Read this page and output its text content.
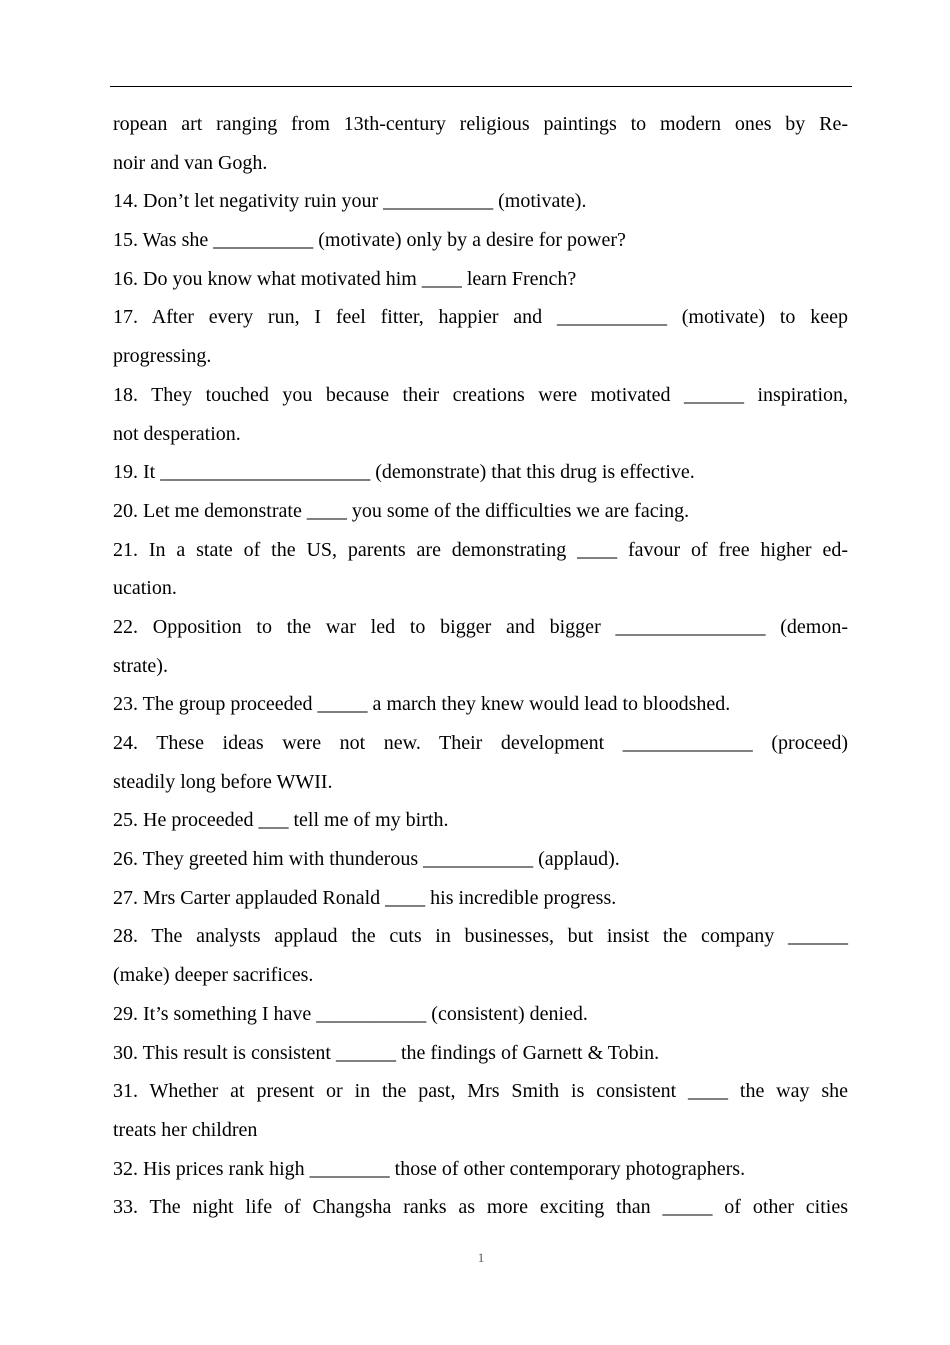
ropean art ranging from 13th-century religious paintings to modern ones by Re-
noir and van Gogh.
14. Don’t let negativity ruin your ___________ (motivate).
15. Was she __________ (motivate) only by a desire for power?
16. Do you know what motivated him ____ learn French?
17. After every run, I feel fitter, happier and ___________ (motivate) to keep
progressing.
18. They touched you because their creations were motivated ______ inspiration,
not desperation.
19. It _____________________ (demonstrate) that this drug is effective.
20. Let me demonstrate ____ you some of the difficulties we are facing.
21. In a state of the US, parents are demonstrating ____ favour of free higher ed-
ucation.
22. Opposition to the war led to bigger and bigger _______________ (demon-
strate).
23. The group proceeded _____ a march they knew would lead to bloodshed.
24. These ideas were not new. Their development _____________ (proceed)
steadily long before WWII.
25. He proceeded ___ tell me of my birth.
26. They greeted him with thunderous ___________ (applaud).
27. Mrs Carter applauded Ronald ____ his incredible progress.
28. The analysts applaud the cuts in businesses, but insist the company ______
(make) deeper sacrifices.
29. It’s something I have ___________ (consistent) denied.
30. This result is consistent ______ the findings of Garnett & Tobin.
31. Whether at present or in the past, Mrs Smith is consistent ____ the way she
treats her children
32. His prices rank high ________ those of other contemporary photographers.
33. The night life of Changsha ranks as more exciting than _____ of other cities
1
